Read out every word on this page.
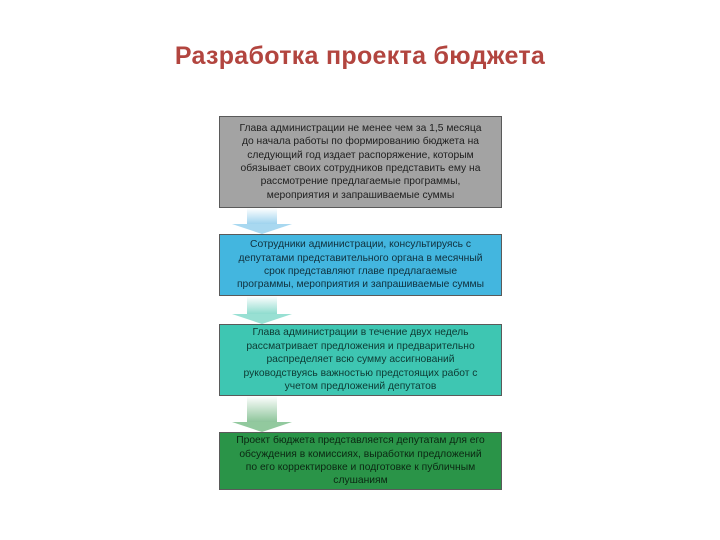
Разработка проекта бюджета
Глава администрации не менее чем за 1,5 месяца
до начала работы по формированию бюджета на
следующий год издает распоряжение, которым
обязывает своих сотрудников представить ему на
рассмотрение предлагаемые программы,
мероприятия и запрашиваемые суммы
Сотрудники администрации, консультируясь с
депутатами представительного органа в месячный
срок представляют главе предлагаемые
программы, мероприятия и запрашиваемые суммы
Глава администрации в течение двух недель
рассматривает предложения и предварительно
распределяет всю сумму ассигнований
руководствуясь важностью предстоящих работ с
учетом предложений депутатов
Проект бюджета представляется депутатам для его
обсуждения в комиссиях, выработки предложений
по его корректировке и подготовке к публичным
слушаниям
